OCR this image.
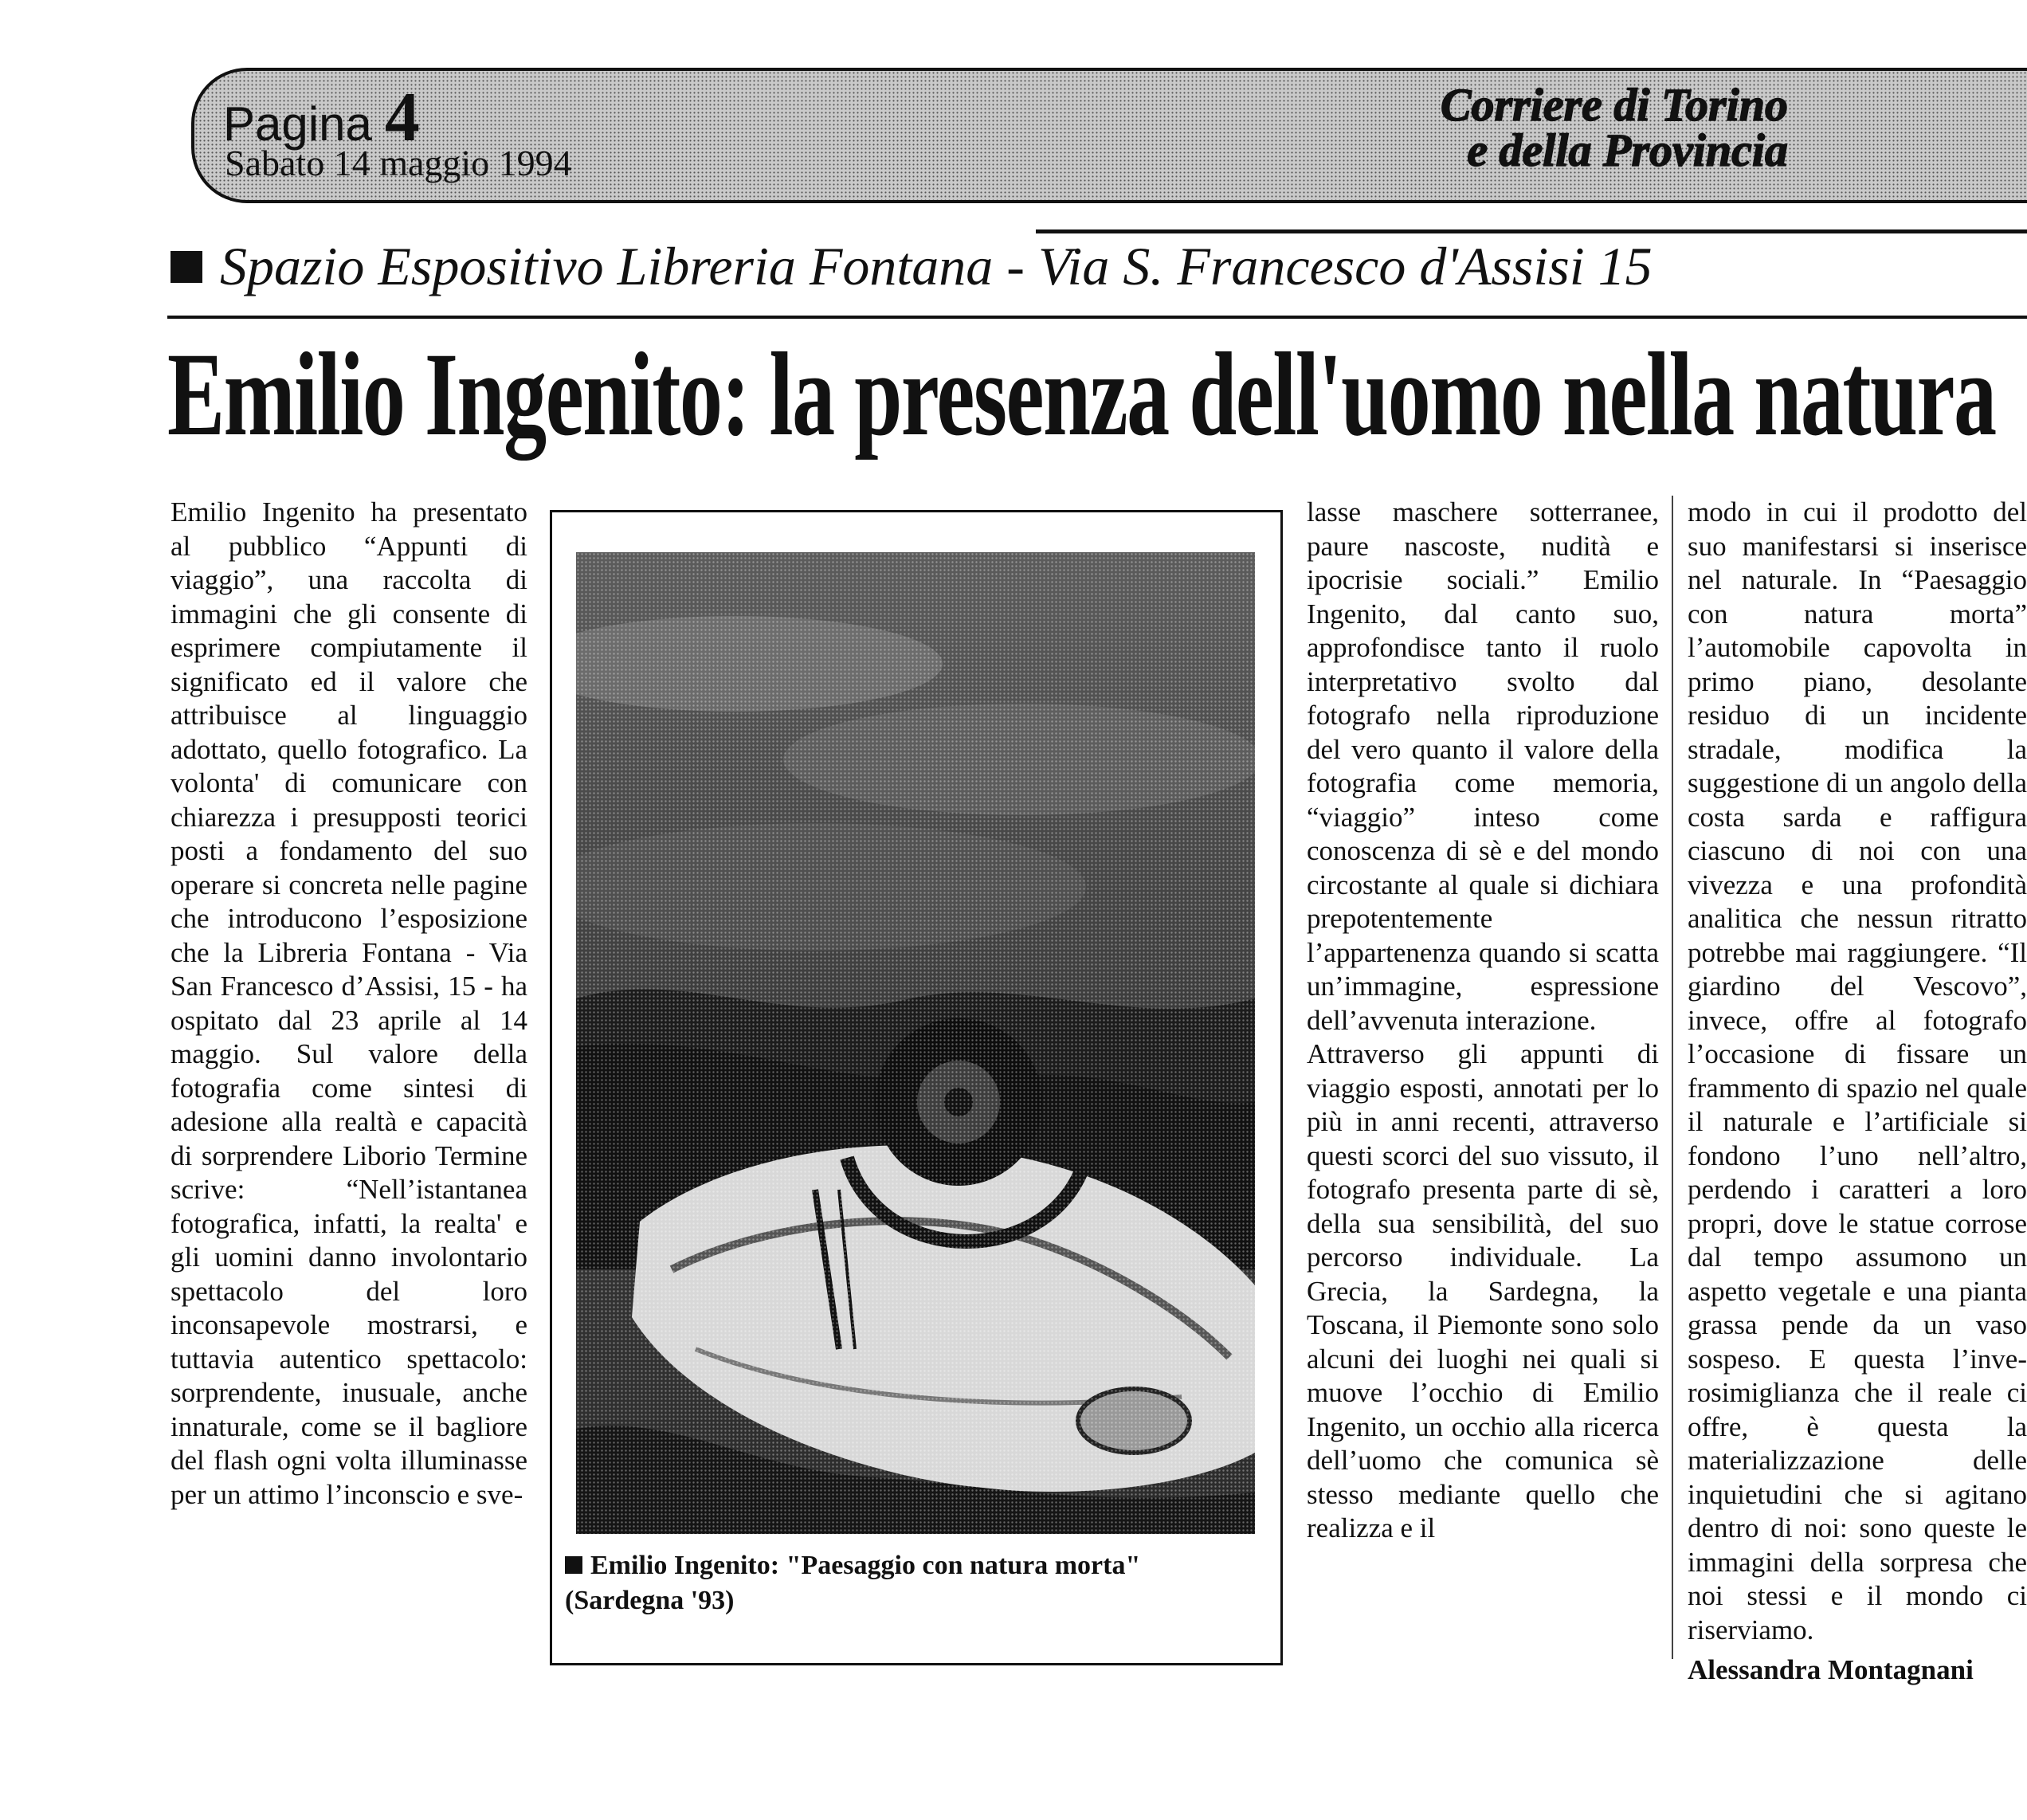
Pagina 4
Sabato 14 maggio 1994
Corriere di Torino
e della Provincia
Spazio Espositivo Libreria Fontana - Via S. Francesco d'Assisi 15
Emilio Ingenito: la presenza dell'uomo nella natura

Emilio Ingenito ha presentato al pubblico “Appunti di viaggio”, una raccolta di immagini che gli consente di esprimere compiutamente il significato ed il valore che attribuisce al linguaggio adottato, quello fotografico. La volonta' di comunicare con chiarezza i presupposti teorici posti a fondamento del suo operare si concreta nelle pagine che introducono l’esposizione che la Libreria Fontana - Via San Francesco d’Assisi, 15 - ha ospitato dal 23 aprile al 14 maggio. Sul valore della fotografia come sintesi di adesione alla realtà e capacità di sorprendere Liborio Termine scrive: “Nell’istantanea fotografica, infatti, la realta' e gli uomini danno involontario spettacolo del loro inconsapevole mostrarsi, e tuttavia autentico spettacolo: sorprendente, inusuale, anche innaturale, come se il bagliore del flash ogni volta illuminasse per un attimo l’inconscio e sve-

Emilio Ingenito: "Paesaggio con natura morta"
(Sardegna '93)

lasse maschere sotterranee, paure nascoste, nudità e ipocrisie sociali.” Emilio Ingenito, dal canto suo, approfondisce tanto il ruolo interpretativo svolto dal fotografo nella riproduzione del vero quanto il valore della fotografia come memoria, “viaggio” inteso come conoscenza di sè e del mondo circostante al quale si dichiara prepotentemente l’appartenenza quando si scatta un’immagine, espressione dell’avvenuta interazione.

Attraverso gli appunti di viaggio esposti, annotati per lo più in anni recenti, attraverso questi scorci del suo vissuto, il fotografo presenta parte di sè, della sua sensibilità, del suo percorso individuale. La Grecia, la Sardegna, la Toscana, il Piemonte sono solo alcuni dei luoghi nei quali si muove l’occhio di Emilio Ingenito, un occhio alla ricerca dell’uomo che comunica sè stesso mediante quello che realizza e il

modo in cui il prodotto del suo manifestarsi si inserisce nel naturale. In “Paesaggio con natura morta” l’automobile capovolta in primo piano, desolante residuo di un incidente stradale, modifica la suggestione di un angolo della costa sarda e raffigura ciascuno di noi con una vivezza e una profondità analitica che nessun ritratto potrebbe mai raggiungere. “Il giardino del Vescovo”, invece, offre al fotografo l’occasione di fissare un frammento di spazio nel quale il naturale e l’artificiale si fondono l’uno nell’altro, perdendo i caratteri a loro propri, dove le statue corrose dal tempo assumono un aspetto vegetale e una pianta grassa pende da un vaso sospeso. E questa l’inve-rosimiglianza che il reale ci offre, è questa la materializzazione delle inquietudini che si agitano dentro di noi: sono queste le immagini della sorpresa che noi stessi e il mondo ci riserviamo.

Alessandra Montagnani
